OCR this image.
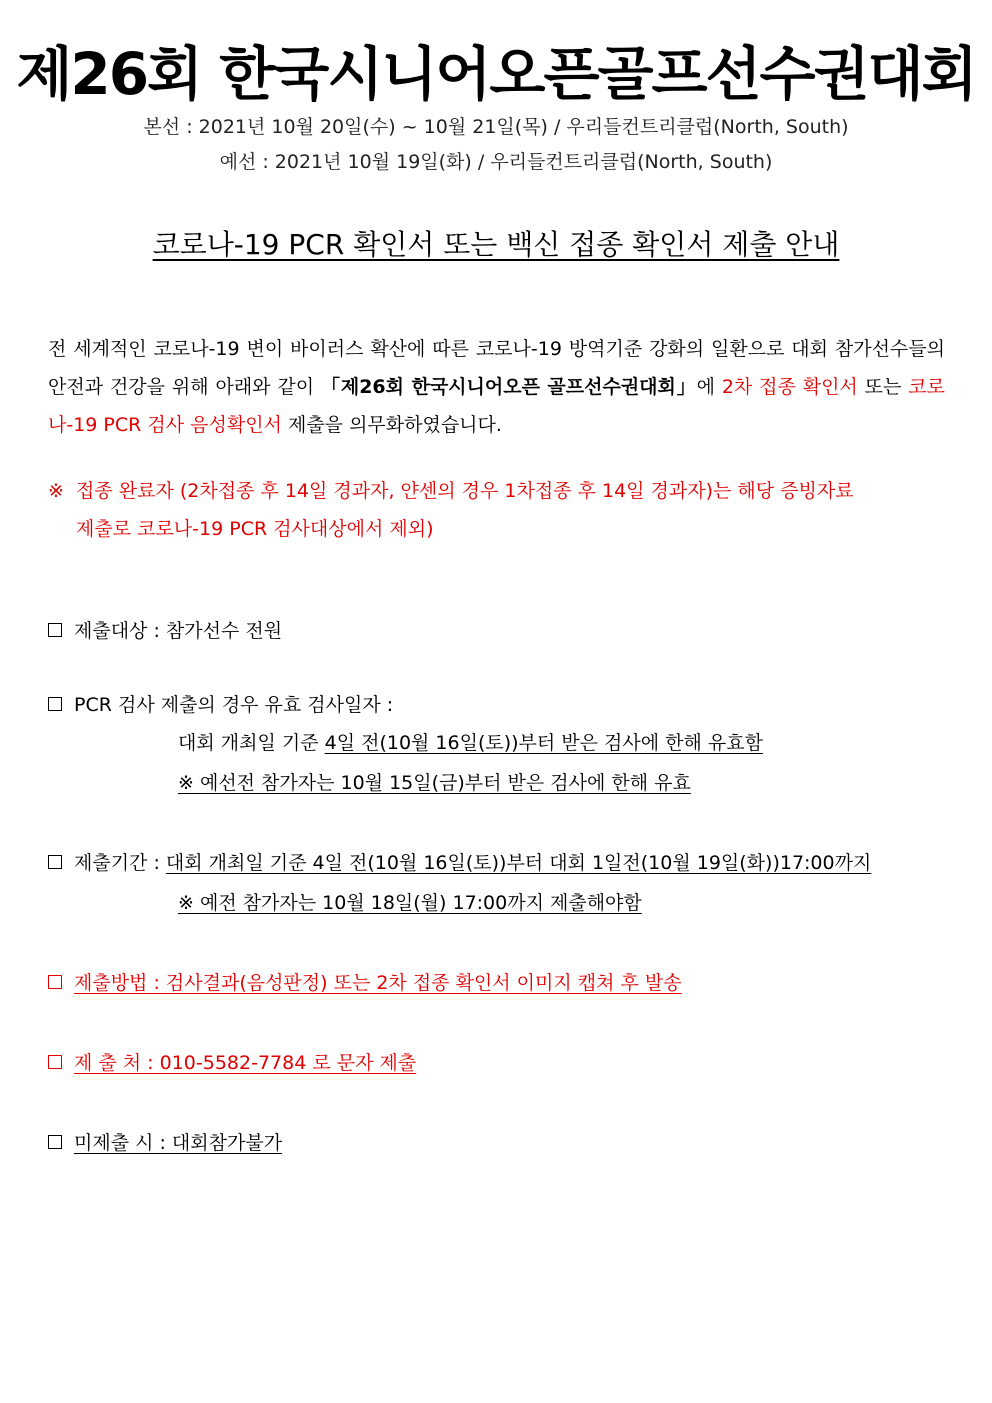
제26회 한국시니어오픈골프선수권대회
본선 : 2021년 10월 20일(수) ~ 10월 21일(목) / 우리들컨트리클럽(North, South)
예선 : 2021년 10월 19일(화) / 우리들컨트리클럽(North, South)
코로나-19 PCR 확인서 또는 백신 접종 확인서 제출 안내
전 세계적인 코로나-19 변이 바이러스 확산에 따른 코로나-19 방역기준 강화의 일환으로 대회 참가선수들의 안전과 건강을 위해 아래와 같이 「제26회 한국시니어오픈 골프선수권대회」에 2차 접종 확인서 또는 코로나-19 PCR 검사 음성확인서 제출을 의무화하였습니다.
※ 접종 완료자 (2차접종 후 14일 경과자, 얀센의 경우 1차접종 후 14일 경과자)는 해당 증빙자료
제출로 코로나-19 PCR 검사대상에서 제외)
제출대상 : 참가선수 전원
PCR 검사 제출의 경우 유효 검사일자 :
대회 개최일 기준 4일 전(10월 16일(토))부터 받은 검사에 한해 유효함
※ 예선전 참가자는 10월 15일(금)부터 받은 검사에 한해 유효
제출기간 : 대회 개최일 기준 4일 전(10월 16일(토))부터 대회 1일전(10월 19일(화))17:00까지
※ 예전 참가자는 10월 18일(월) 17:00까지 제출해야함
제출방법 : 검사결과(음성판정) 또는 2차 접종 확인서 이미지 캡쳐 후 발송
제 출 처 : 010-5582-7784 로 문자 제출
미제출 시 : 대회참가불가
